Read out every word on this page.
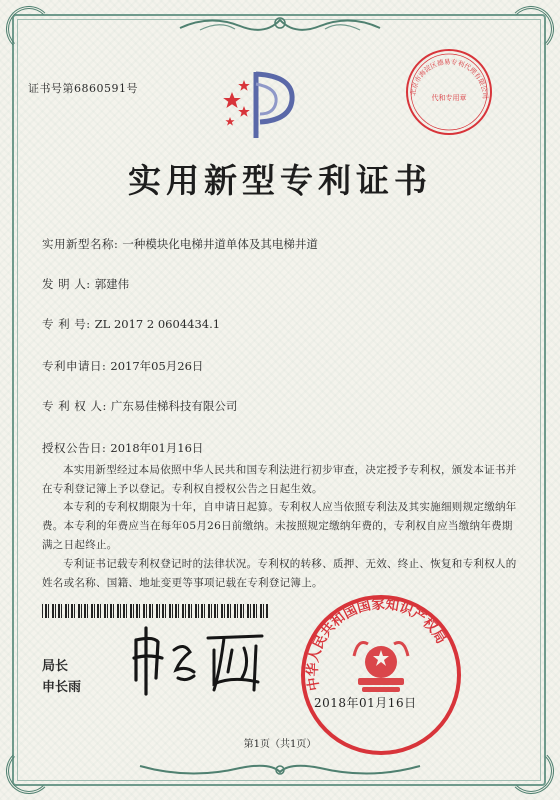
证书号第6860591号	北京市海淀区德易专利代理有限公司
代和专用章
实用新型专利证书
实用新型名称: 一种模块化电梯井道单体及其电梯井道
发 明 人: 郭建伟
专 利 号: ZL 2017 2 0604434.1
专利申请日: 2017年05月26日
专 利 权 人: 广东易佳梯科技有限公司
授权公告日: 2018年01月16日

本实用新型经过本局依照中华人民共和国专利法进行初步审查，决定授予专利权，颁发本证书并在专利登记簿上予以登记。专利权自授权公告之日起生效。

本专利的专利权期限为十年，自申请日起算。专利权人应当依照专利法及其实施细则规定缴纳年费。本专利的年费应当在每年05月26日前缴纳。未按照规定缴纳年费的，专利权自应当缴纳年费期满之日起终止。

专利证书记载专利权登记时的法律状况。专利权的转移、质押、无效、终止、恢复和专利权人的姓名或名称、国籍、地址变更等事项记载在专利登记簿上。

局长
申长雨	中华人民共和国国家知识产权局
2018年01月16日
第1页（共1页）
